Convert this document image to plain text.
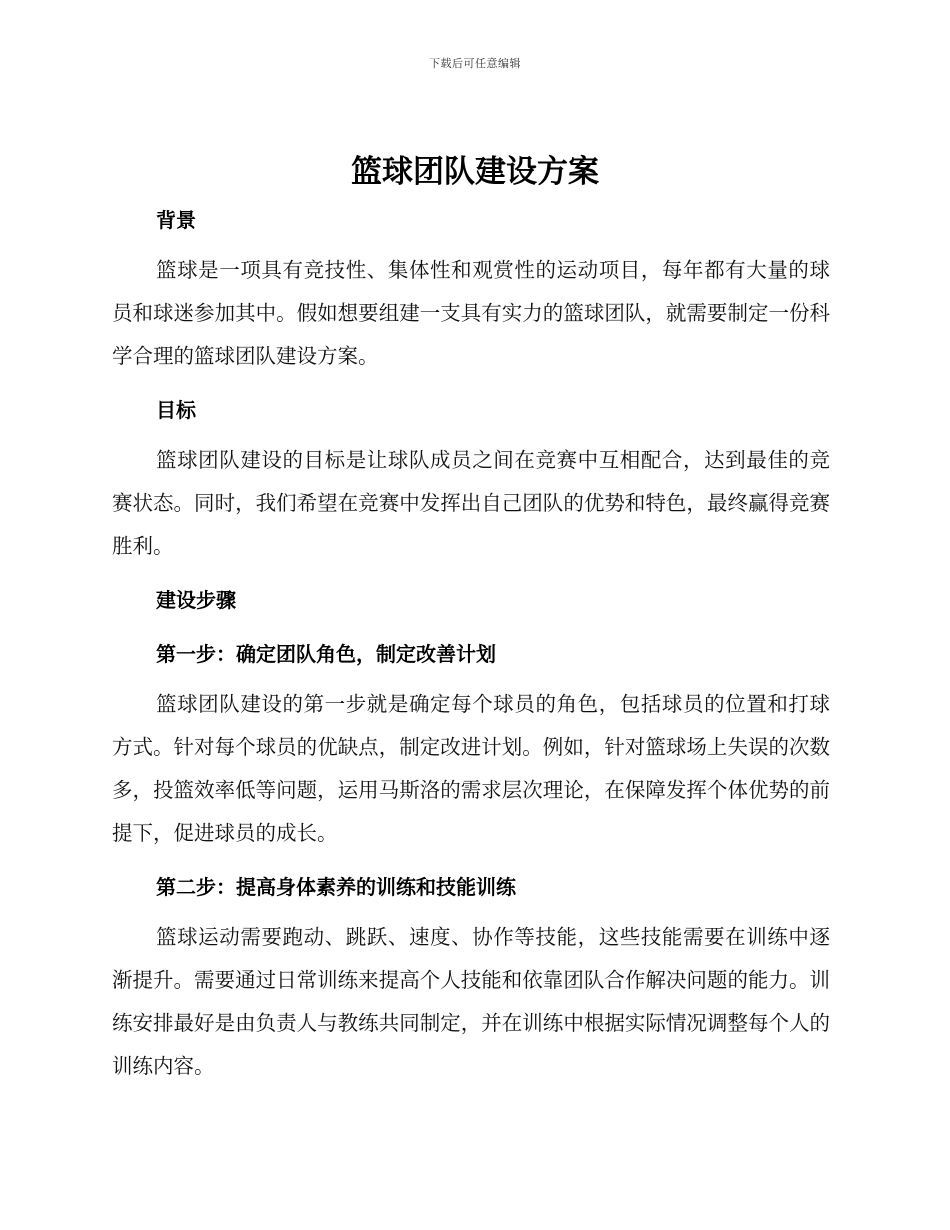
下载后可任意编辑
篮球团队建设方案
背景

篮球是一项具有竞技性、集体性和观赏性的运动项目，每年都有大量的球员和球迷参加其中。假如想要组建一支具有实力的篮球团队，就需要制定一份科学合理的篮球团队建设方案。

目标

篮球团队建设的目标是让球队成员之间在竞赛中互相配合，达到最佳的竞赛状态。同时，我们希望在竞赛中发挥出自己团队的优势和特色，最终赢得竞赛胜利。

建设步骤
第一步：确定团队角色，制定改善计划

篮球团队建设的第一步就是确定每个球员的角色，包括球员的位置和打球方式。针对每个球员的优缺点，制定改进计划。例如，针对篮球场上失误的次数多，投篮效率低等问题，运用马斯洛的需求层次理论，在保障发挥个体优势的前提下，促进球员的成长。

第二步：提高身体素养的训练和技能训练

篮球运动需要跑动、跳跃、速度、协作等技能，这些技能需要在训练中逐渐提升。需要通过日常训练来提高个人技能和依靠团队合作解决问题的能力。训练安排最好是由负责人与教练共同制定，并在训练中根据实际情况调整每个人的训练内容。
